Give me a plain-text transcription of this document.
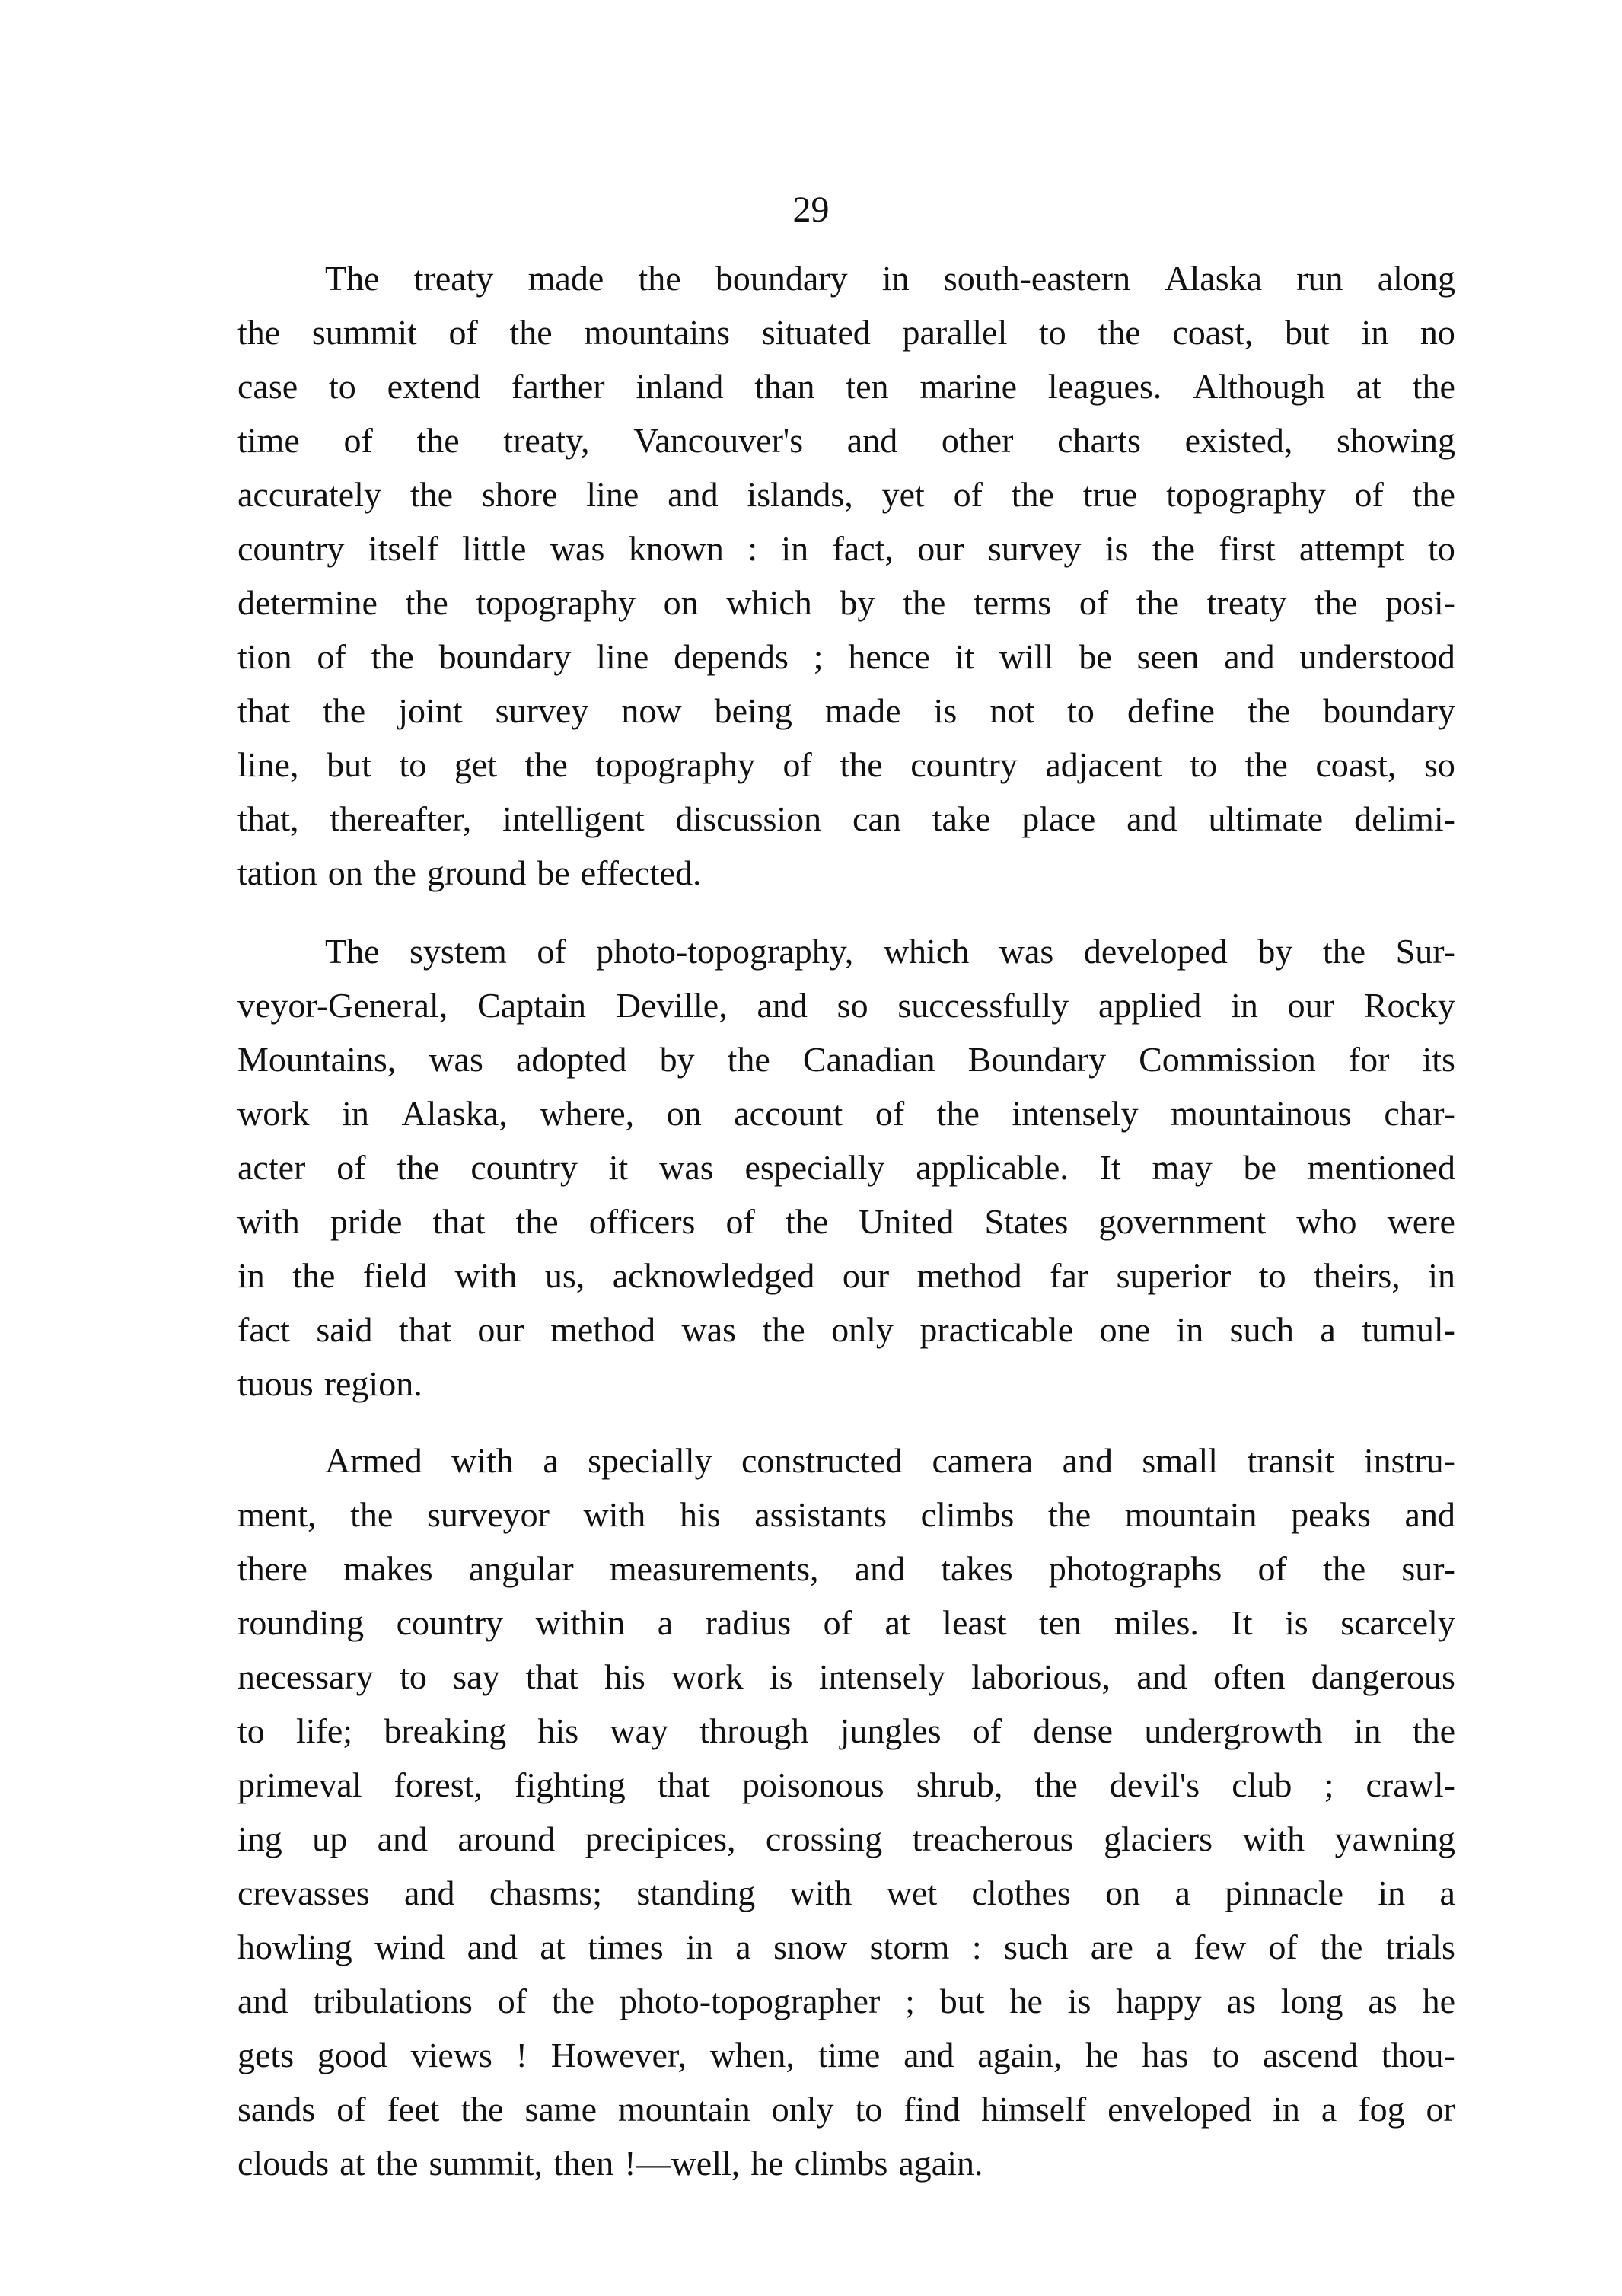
29
The treaty made the boundary in south-eastern Alaska run along
the summit of the mountains situated parallel to the coast, but in no
case to extend farther inland than ten marine leagues. Although at the
time of the treaty, Vancouver's and other charts existed, showing
accurately the shore line and islands, yet of the true topography of the
country itself little was known : in fact, our survey is the first attempt to
determine the topography on which by the terms of the treaty the posi-
tion of the boundary line depends ; hence it will be seen and understood
that the joint survey now being made is not to define the boundary
line, but to get the topography of the country adjacent to the coast, so
that, thereafter, intelligent discussion can take place and ultimate delimi-
tation on the ground be effected.
The system of photo-topography, which was developed by the Sur-
veyor-General, Captain Deville, and so successfully applied in our Rocky
Mountains, was adopted by the Canadian Boundary Commission for its
work in Alaska, where, on account of the intensely mountainous char-
acter of the country it was especially applicable. It may be mentioned
with pride that the officers of the United States government who were
in the field with us, acknowledged our method far superior to theirs, in
fact said that our method was the only practicable one in such a tumul-
tuous region.
Armed with a specially constructed camera and small transit instru-
ment, the surveyor with his assistants climbs the mountain peaks and
there makes angular measurements, and takes photographs of the sur-
rounding country within a radius of at least ten miles. It is scarcely
necessary to say that his work is intensely laborious, and often dangerous
to life; breaking his way through jungles of dense undergrowth in the
primeval forest, fighting that poisonous shrub, the devil's club ; crawl-
ing up and around precipices, crossing treacherous glaciers with yawning
crevasses and chasms; standing with wet clothes on a pinnacle in a
howling wind and at times in a snow storm : such are a few of the trials
and tribulations of the photo-topographer ; but he is happy as long as he
gets good views ! However, when, time and again, he has to ascend thou-
sands of feet the same mountain only to find himself enveloped in a fog or
clouds at the summit, then !—well, he climbs again.
